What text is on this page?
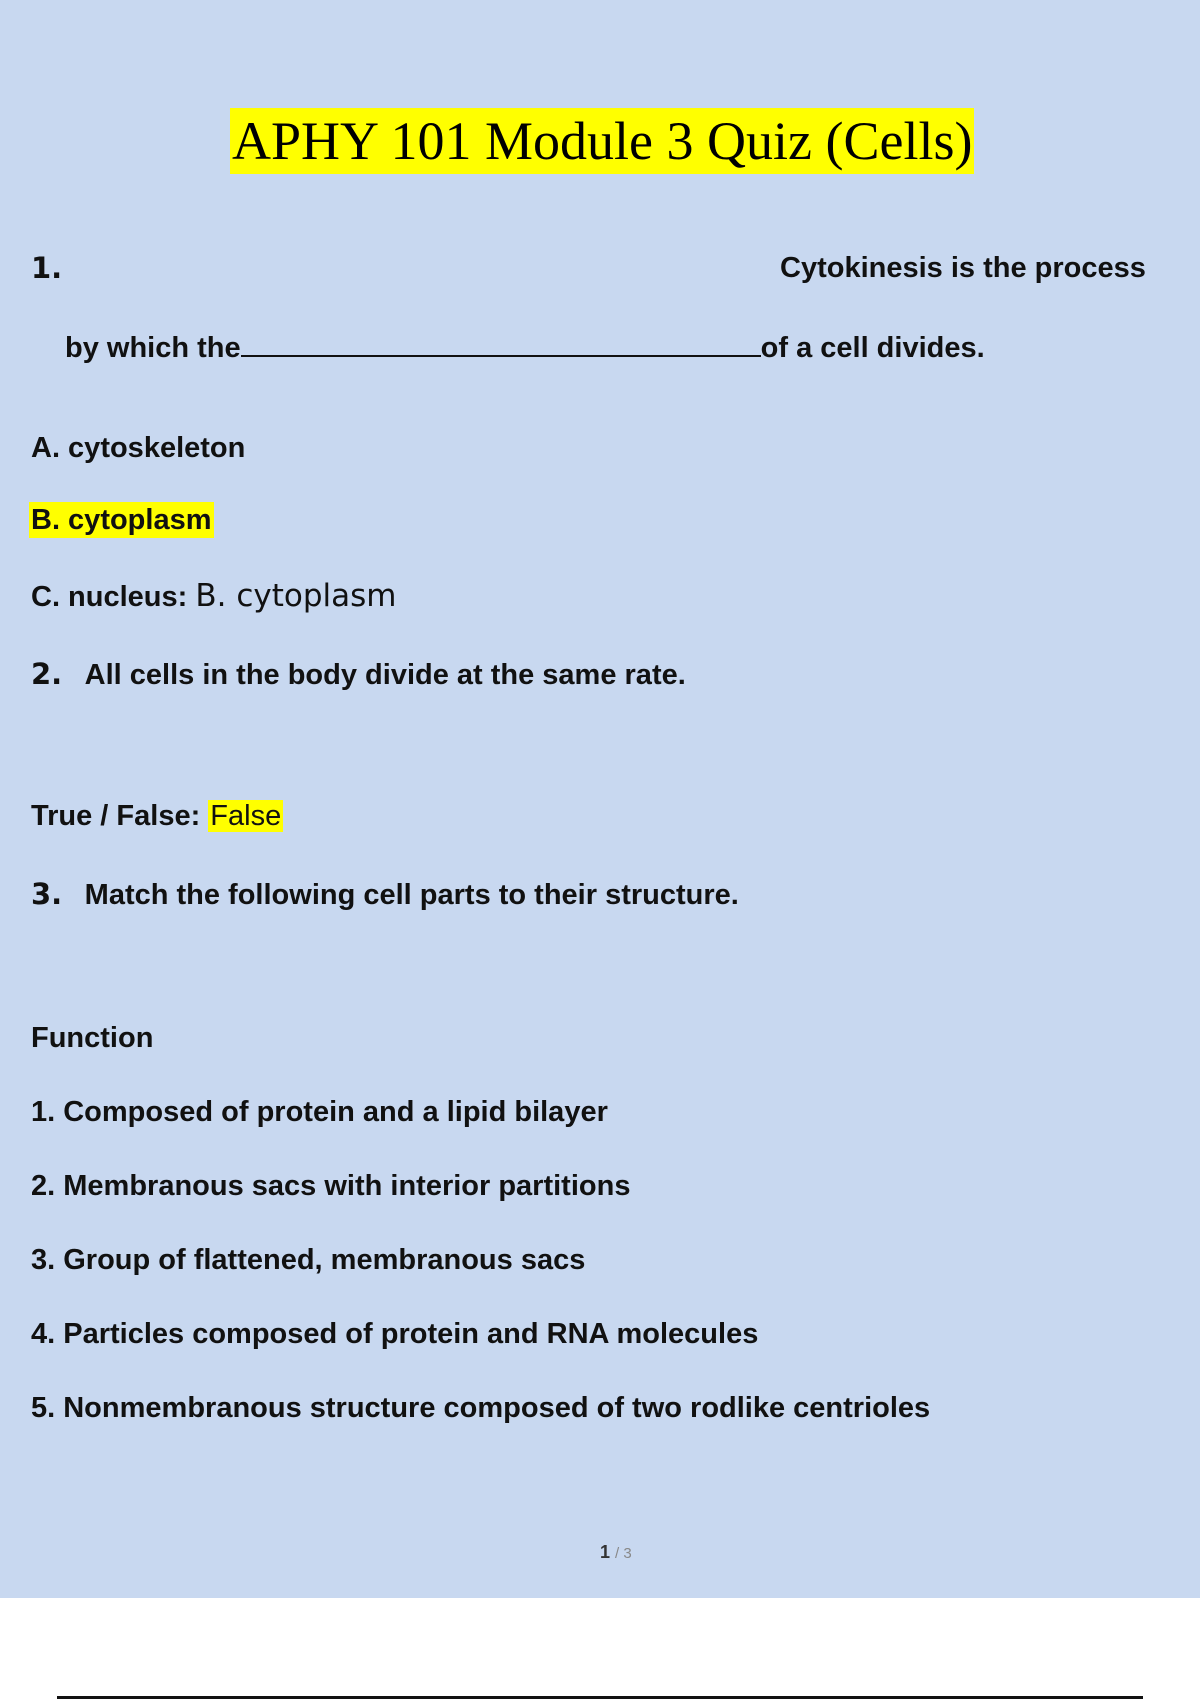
APHY 101 Module 3 Quiz (Cells)
1.	Cytokinesis is the process
by which the	of a cell divides.
A. cytoskeleton
B. cytoplasm
C. nucleus: B. cytoplasm
2. All cells in the body divide at the same rate.
True / False: False
3. Match the following cell parts to their structure.
Function
1. Composed of protein and a lipid bilayer
2. Membranous sacs with interior partitions
3. Group of flattened, membranous sacs
4. Particles composed of protein and RNA molecules
5. Nonmembranous structure composed of two rodlike centrioles
1 / 3
